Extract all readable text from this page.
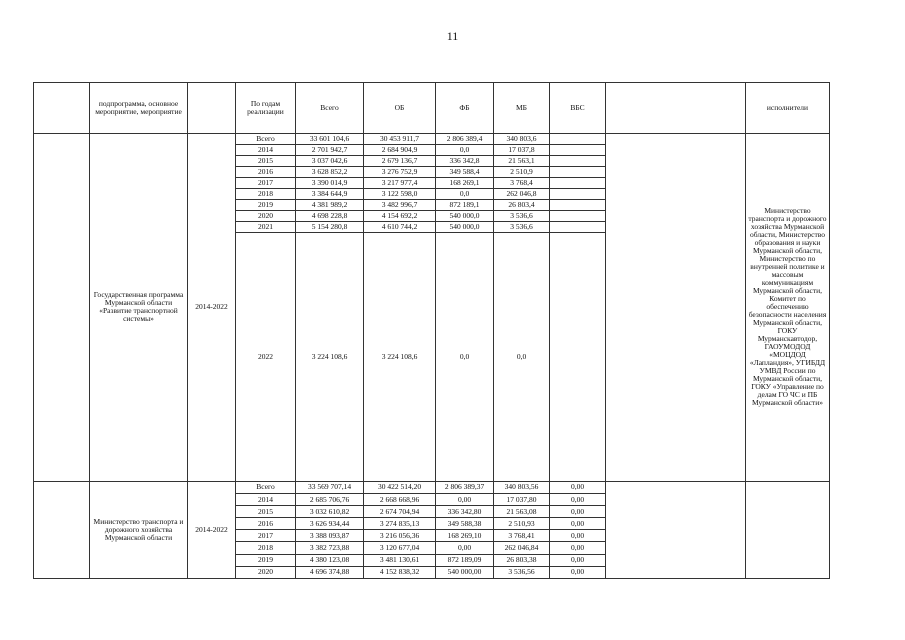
11
	подпрограмма, основное мероприятие, мероприятие		По годам реализации	Всего	ОБ	ФБ	МБ	ВБС		исполнители
	Государственная программа Мурманской области «Развитие транспортной системы»	2014-2022	Всего	33 601 104,6	30 453 911,7	2 806 389,4	340 803,6			Министерство транспорта и дорожного хозяйства Мурманской области, Министерство образования и науки Мурманской области, Министерство по внутренней политике и массовым коммуникациям Мурманской области, Комитет по обеспечению безопасности населения Мурманской области, ГОКУ Мурманскавтодор, ГАОУМОДОД «МОЦДОД «Лапландия», УГИБДД УМВД России по Мурманской области, ГОКУ «Управление по делам ГО ЧС и ПБ Мурманской области»
			2014	2 701 942,7	2 684 904,9	0,0	17 037,8			
			2015	3 037 042,6	2 679 136,7	336 342,8	21 563,1			
			2016	3 628 852,2	3 276 752,9	349 588,4	2 510,9			
			2017	3 390 014,9	3 217 977,4	168 269,1	3 768,4			
			2018	3 384 644,9	3 122 598,0	0,0	262 046,8			
			2019	4 381 989,2	3 482 996,7	872 189,1	26 803,4			
			2020	4 698 228,8	4 154 692,2	540 000,0	3 536,6			
			2021	5 154 280,8	4 610 744,2	540 000,0	3 536,6			
			2022	3 224 108,6	3 224 108,6	0,0	0,0			
	Министерство транспорта и дорожного хозяйства Мурманской области	2014-2022	Всего	33 569 707,14	30 422 514,20	2 806 389,37	340 803,56	0,00		
			2014	2 685 706,76	2 668 668,96	0,00	17 037,80	0,00		
			2015	3 032 610,82	2 674 704,94	336 342,80	21 563,08	0,00		
			2016	3 626 934,44	3 274 835,13	349 588,38	2 510,93	0,00		
			2017	3 388 093,87	3 216 056,36	168 269,10	3 768,41	0,00		
			2018	3 382 723,88	3 120 677,04	0,00	262 046,84	0,00		
			2019	4 380 123,08	3 481 130,61	872 189,09	26 803,38	0,00		
			2020	4 696 374,88	4 152 838,32	540 000,00	3 536,56	0,00		
